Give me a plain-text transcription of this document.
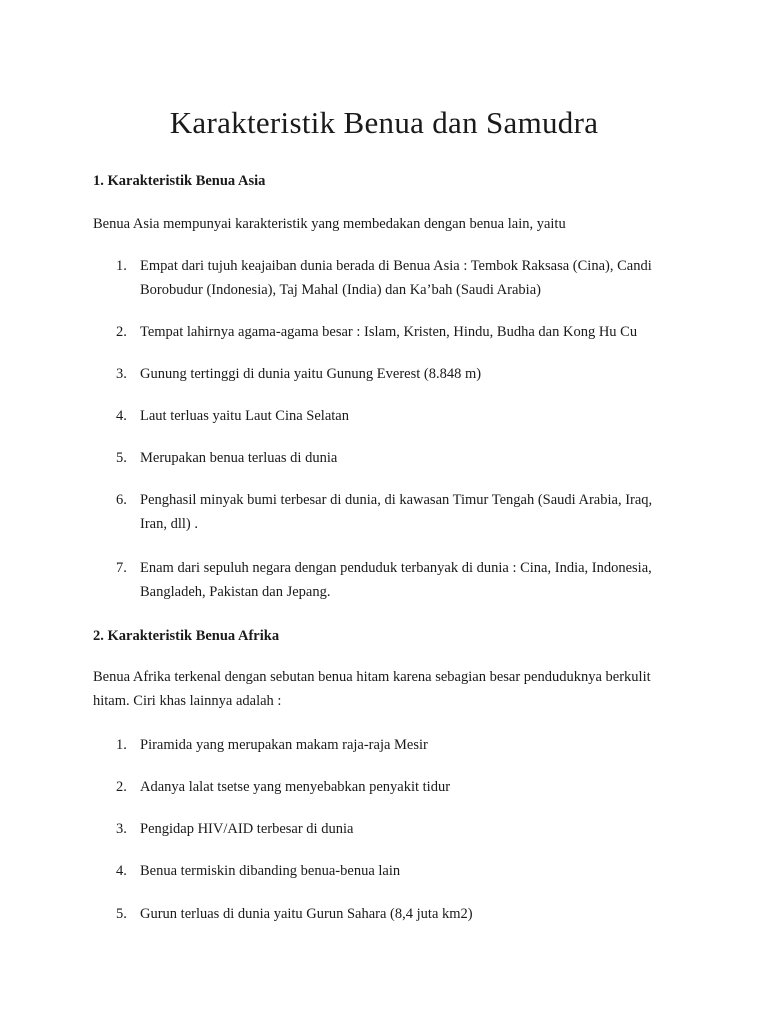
Karakteristik Benua dan Samudra

1. Karakteristik Benua Asia

Benua Asia mempunyai karakteristik yang membedakan dengan benua lain, yaitu

1. Empat dari tujuh keajaiban dunia berada di Benua Asia : Tembok Raksasa (Cina), Candi Borobudur (Indonesia), Taj Mahal (India) dan Ka’bah (Saudi Arabia)
2. Tempat lahirnya agama-agama besar : Islam, Kristen, Hindu, Budha dan Kong Hu Cu
3. Gunung tertinggi di dunia yaitu Gunung Everest (8.848 m)
4. Laut terluas yaitu Laut Cina Selatan
5. Merupakan benua terluas di dunia
6. Penghasil minyak bumi terbesar di dunia, di kawasan Timur Tengah (Saudi Arabia, Iraq, Iran, dll) .
7. Enam dari sepuluh negara dengan penduduk terbanyak di dunia : Cina, India, Indonesia, Bangladeh, Pakistan dan Jepang.

2. Karakteristik Benua Afrika

Benua Afrika terkenal dengan sebutan benua hitam karena sebagian besar penduduknya berkulit hitam. Ciri khas lainnya adalah :

1. Piramida yang merupakan makam raja-raja Mesir
2. Adanya lalat tsetse yang menyebabkan penyakit tidur
3. Pengidap HIV/AID terbesar di dunia
4. Benua termiskin dibanding benua-benua lain
5. Gurun terluas di dunia yaitu Gurun Sahara (8,4 juta km2)
